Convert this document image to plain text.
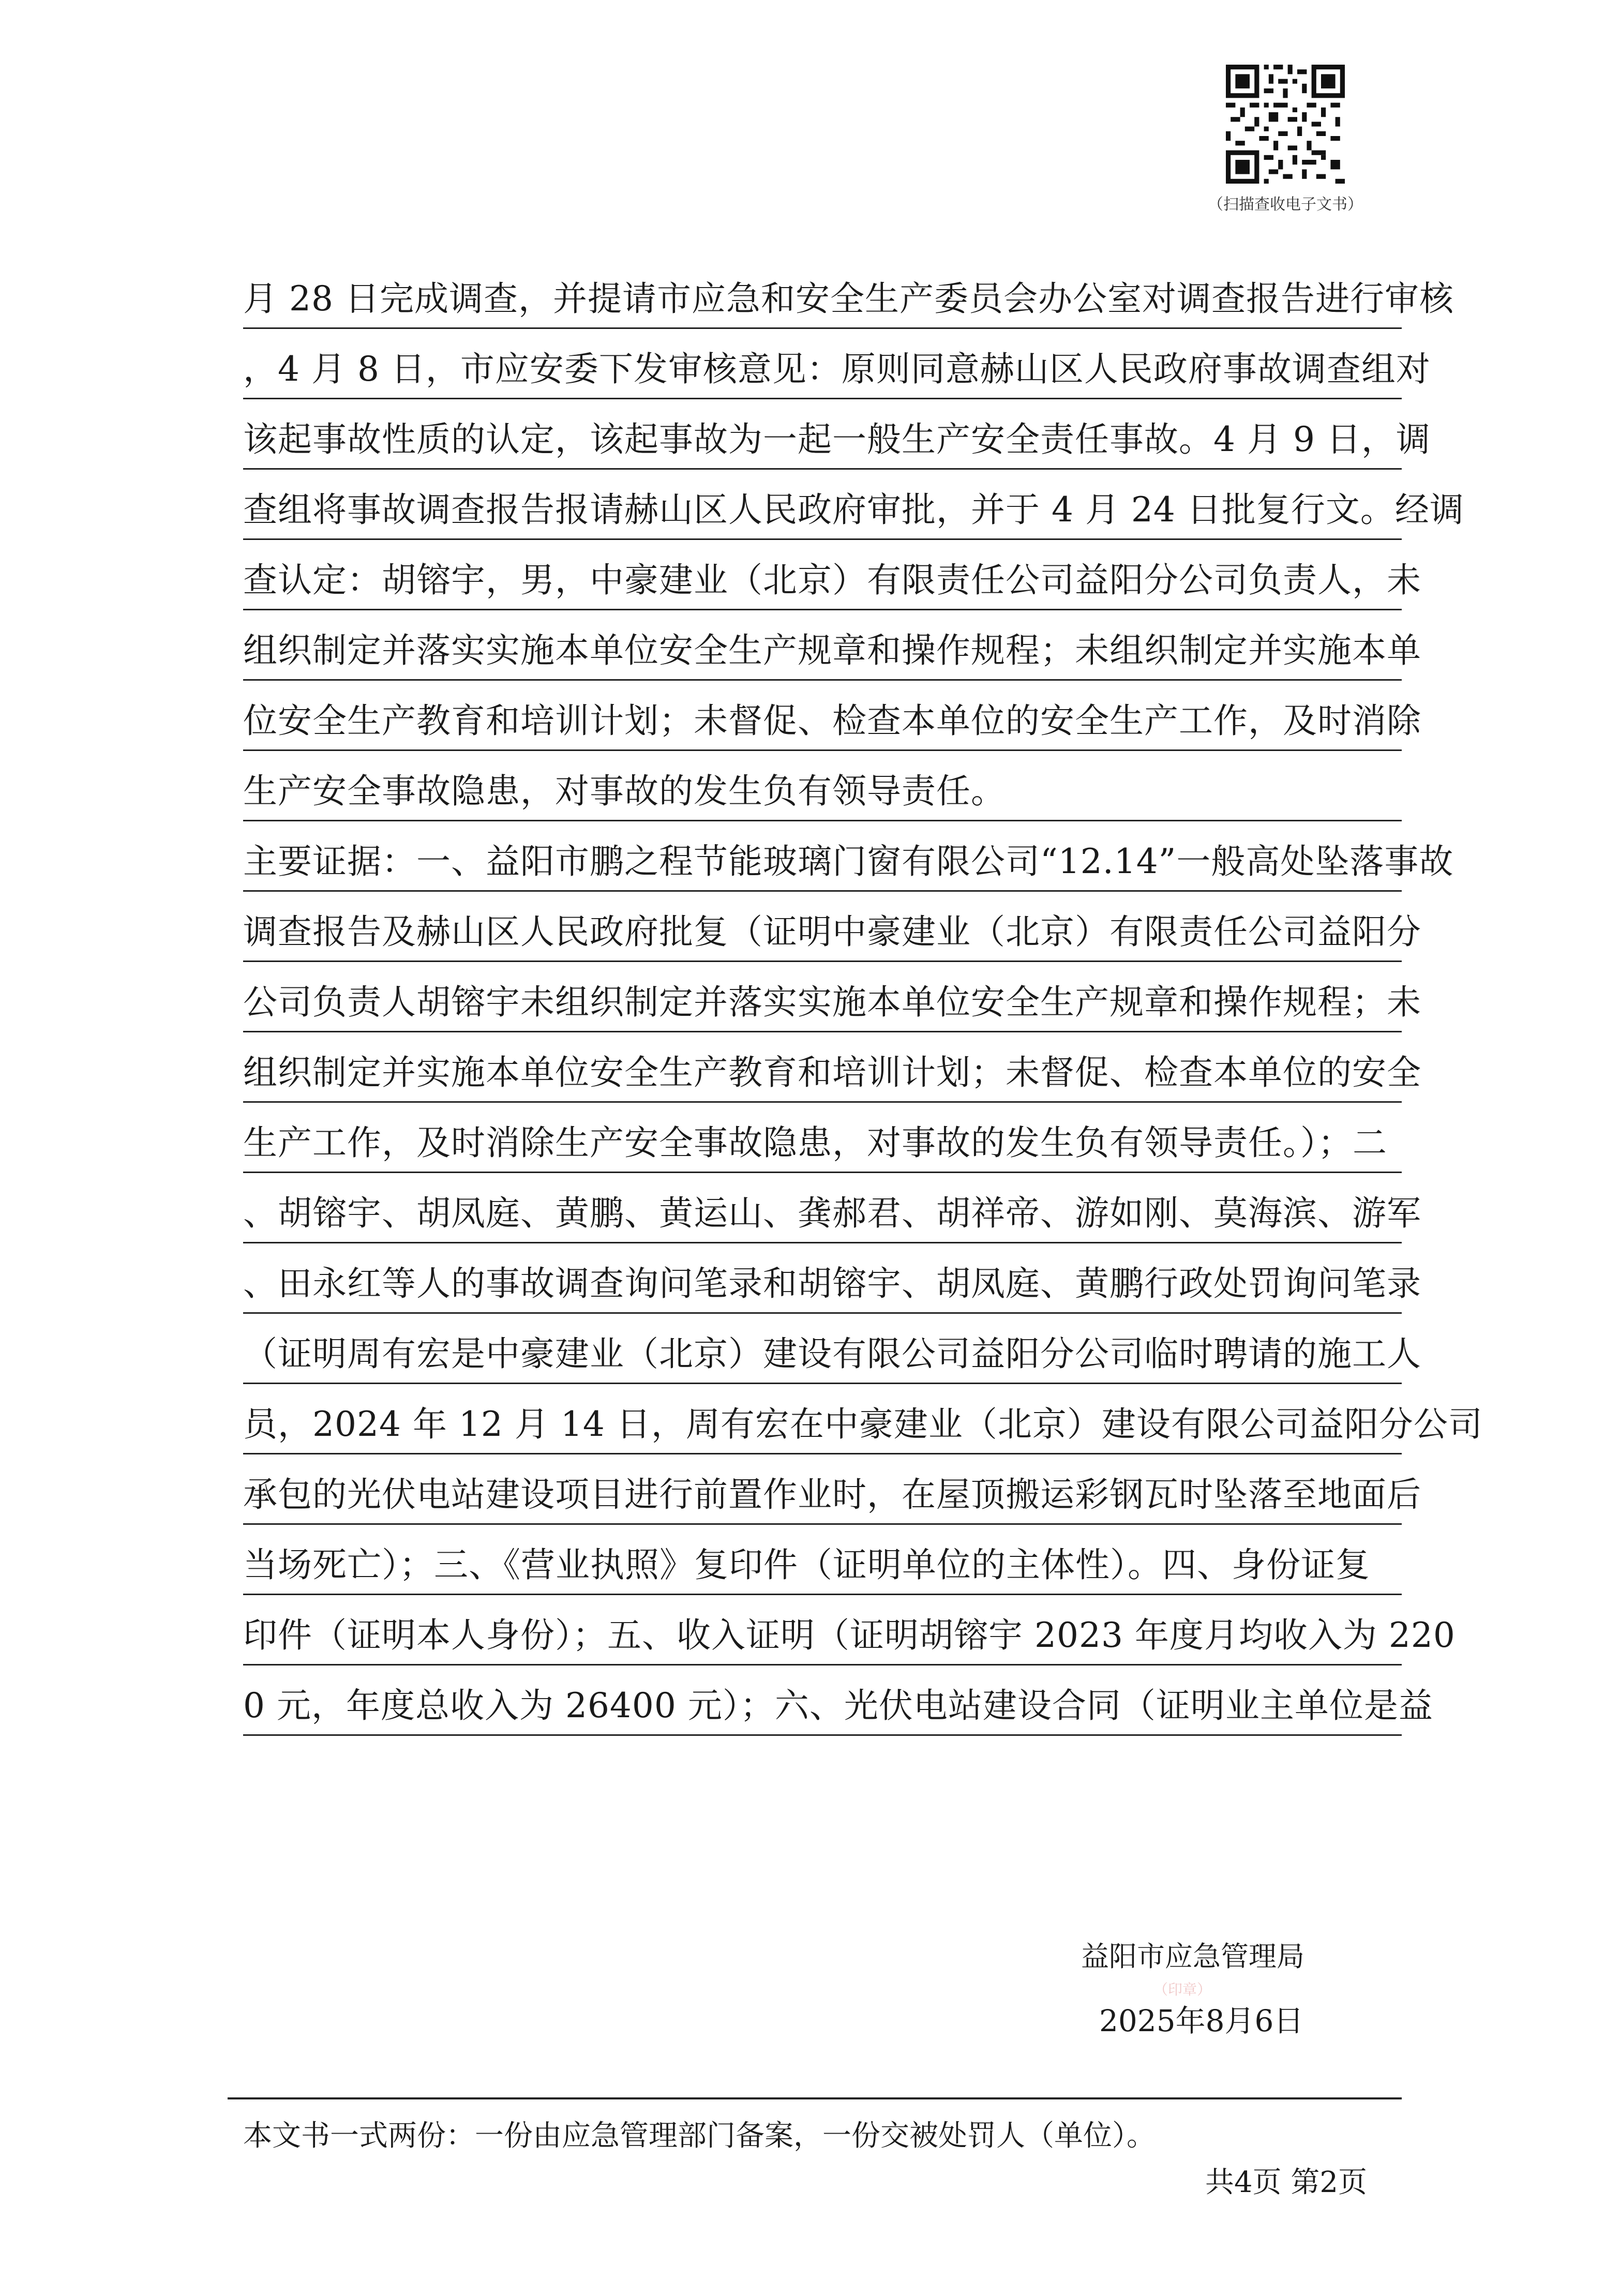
（扫描查收电子文书）
月 28 日完成调查，并提请市应急和安全生产委员会办公室对调查报告进行审核
，4 月 8 日，市应安委下发审核意见：原则同意赫山区人民政府事故调查组对
该起事故性质的认定，该起事故为一起一般生产安全责任事故。4 月 9 日，调
查组将事故调查报告报请赫山区人民政府审批，并于 4 月 24 日批复行文。经调
查认定：胡镕宇，男，中豪建业（北京）有限责任公司益阳分公司负责人，未
组织制定并落实实施本单位安全生产规章和操作规程；未组织制定并实施本单
位安全生产教育和培训计划；未督促、检查本单位的安全生产工作，及时消除
生产安全事故隐患，对事故的发生负有领导责任。
主要证据：一、益阳市鹏之程节能玻璃门窗有限公司“12.14”一般高处坠落事故
调查报告及赫山区人民政府批复（证明中豪建业（北京）有限责任公司益阳分
公司负责人胡镕宇未组织制定并落实实施本单位安全生产规章和操作规程；未
组织制定并实施本单位安全生产教育和培训计划；未督促、检查本单位的安全
生产工作，及时消除生产安全事故隐患，对事故的发生负有领导责任。）；二
、胡镕宇、胡凤庭、黄鹏、黄运山、龚郝君、胡祥帝、游如刚、莫海滨、游军
、田永红等人的事故调查询问笔录和胡镕宇、胡凤庭、黄鹏行政处罚询问笔录
（证明周有宏是中豪建业（北京）建设有限公司益阳分公司临时聘请的施工人
员，2024 年 12 月 14 日，周有宏在中豪建业（北京）建设有限公司益阳分公司
承包的光伏电站建设项目进行前置作业时，在屋顶搬运彩钢瓦时坠落至地面后
当场死亡）；三、《营业执照》复印件（证明单位的主体性）。四、身份证复
印件（证明本人身份）；五、收入证明（证明胡镕宇 2023 年度月均收入为 220
0 元，年度总收入为 26400 元）；六、光伏电站建设合同（证明业主单位是益
益阳市应急管理局
（印章）
2025年8月6日
本文书一式两份：一份由应急管理部门备案，一份交被处罚人（单位）。
共4页 第2页
